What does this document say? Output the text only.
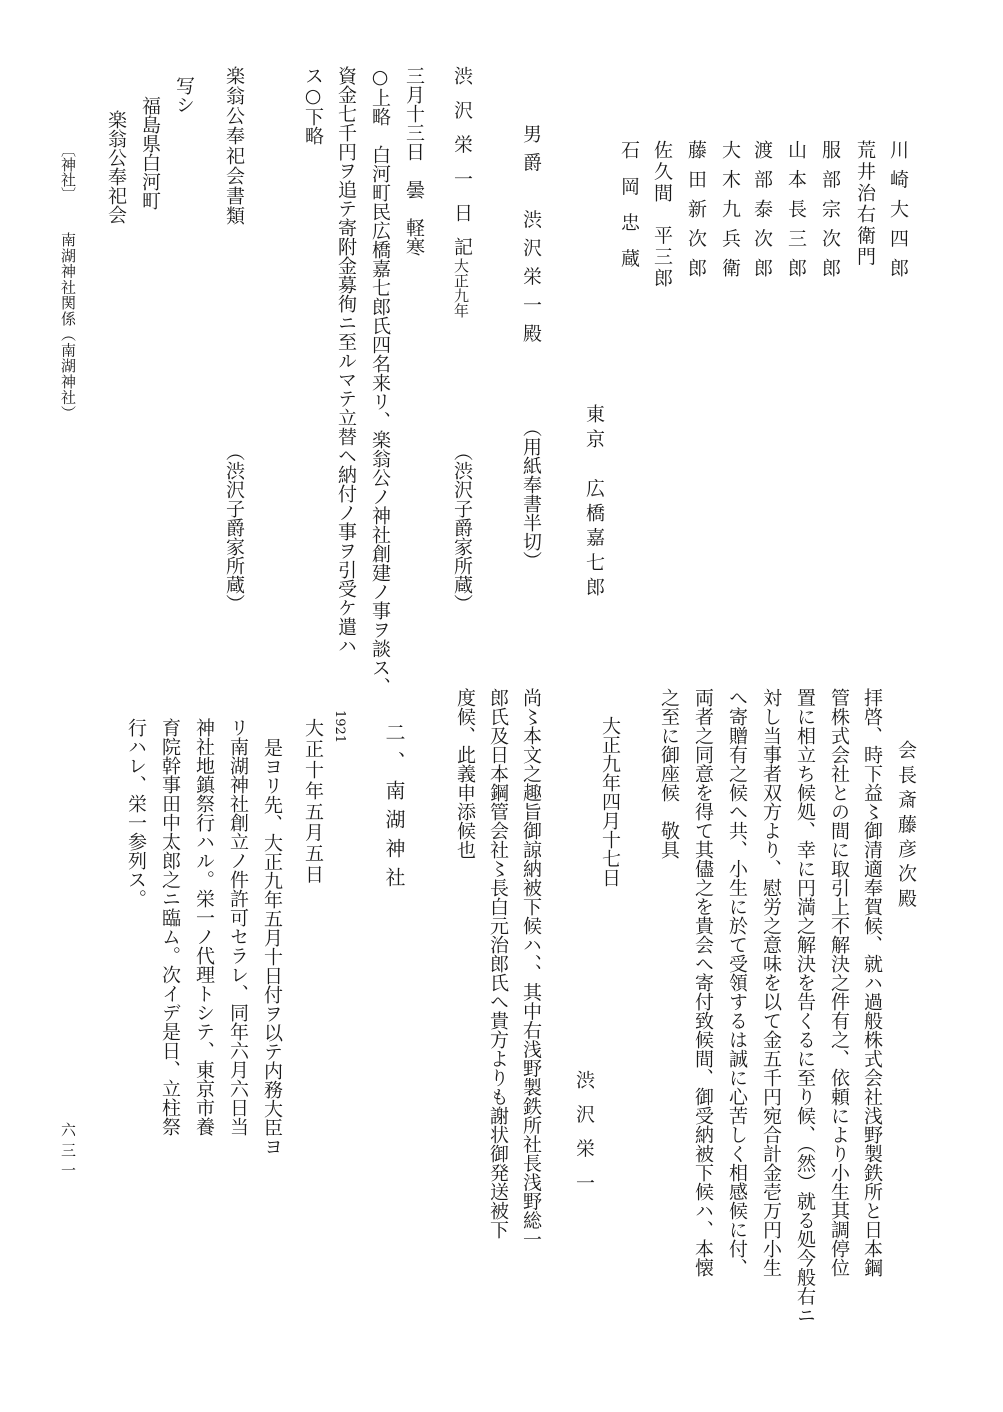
川崎大四郎
荒井治右衛門
服部宗次郎
山本長三郎
渡部泰次郎
大木九兵衛
藤田新次郎
佐久間　平三郎
石岡忠蔵
東京　広橋嘉七郎
（用紙奉書半切）
男爵　渋沢栄一殿
渋沢栄一日記
大正九年
（渋沢子爵家所蔵）
三月十三日　曇　軽寒
○上略　白河町民広橋嘉七郎氏四名来リ、楽翁公ノ神社創建ノ事ヲ談ス、
資金七千円ヲ追テ寄附金募徇ニ至ルマテ立替ヘ納付ノ事ヲ引受ケ遣ハ
ス○下略
楽翁公奉祀会書類
（渋沢子爵家所蔵）
写シ
福島県白河町
楽翁公奉祀会
〔神社〕
南湖神社関係（南湖神社）
会長斎藤彦次殿
拝啓、時下益〻御清適奉賀候、就ハ過般株式会社浅野製鉄所と日本鋼
管株式会社との間に取引上不解決之件有之、依頼により小生其調停位
置に相立ち候処、幸に円満之解決を告くるに至り候、（然）就る処今般右ニ
対し当事者双方より、慰労之意味を以て金五千円宛合計金壱万円小生
へ寄贈有之候へ共、小生に於て受領するは誠に心苦しく相感候に付、
両者之同意を得て其儘之を貴会へ寄付致候間、御受納被下候ハ、本懐
之至に御座候　敬具
大正九年四月十七日
渋沢栄一
尚〻本文之趣旨御諒納被下候ハ、、其中右浅野製鉄所社長浅野総一
郎氏及日本鋼管会社〻長白元治郎氏へ貴方よりも謝状御発送被下
度候、此義申添候也
二、南湖神社
1921
大正十年五月五日
是ヨリ先、大正九年五月十日付ヲ以テ内務大臣ヨ
リ南湖神社創立ノ件許可セラレ、同年六月六日当
神社地鎮祭行ハル。栄一ノ代理トシテ、東京市養
育院幹事田中太郎之ニ臨ム。次イデ是日、立柱祭
行ハレ、栄一参列ス。
六三一
